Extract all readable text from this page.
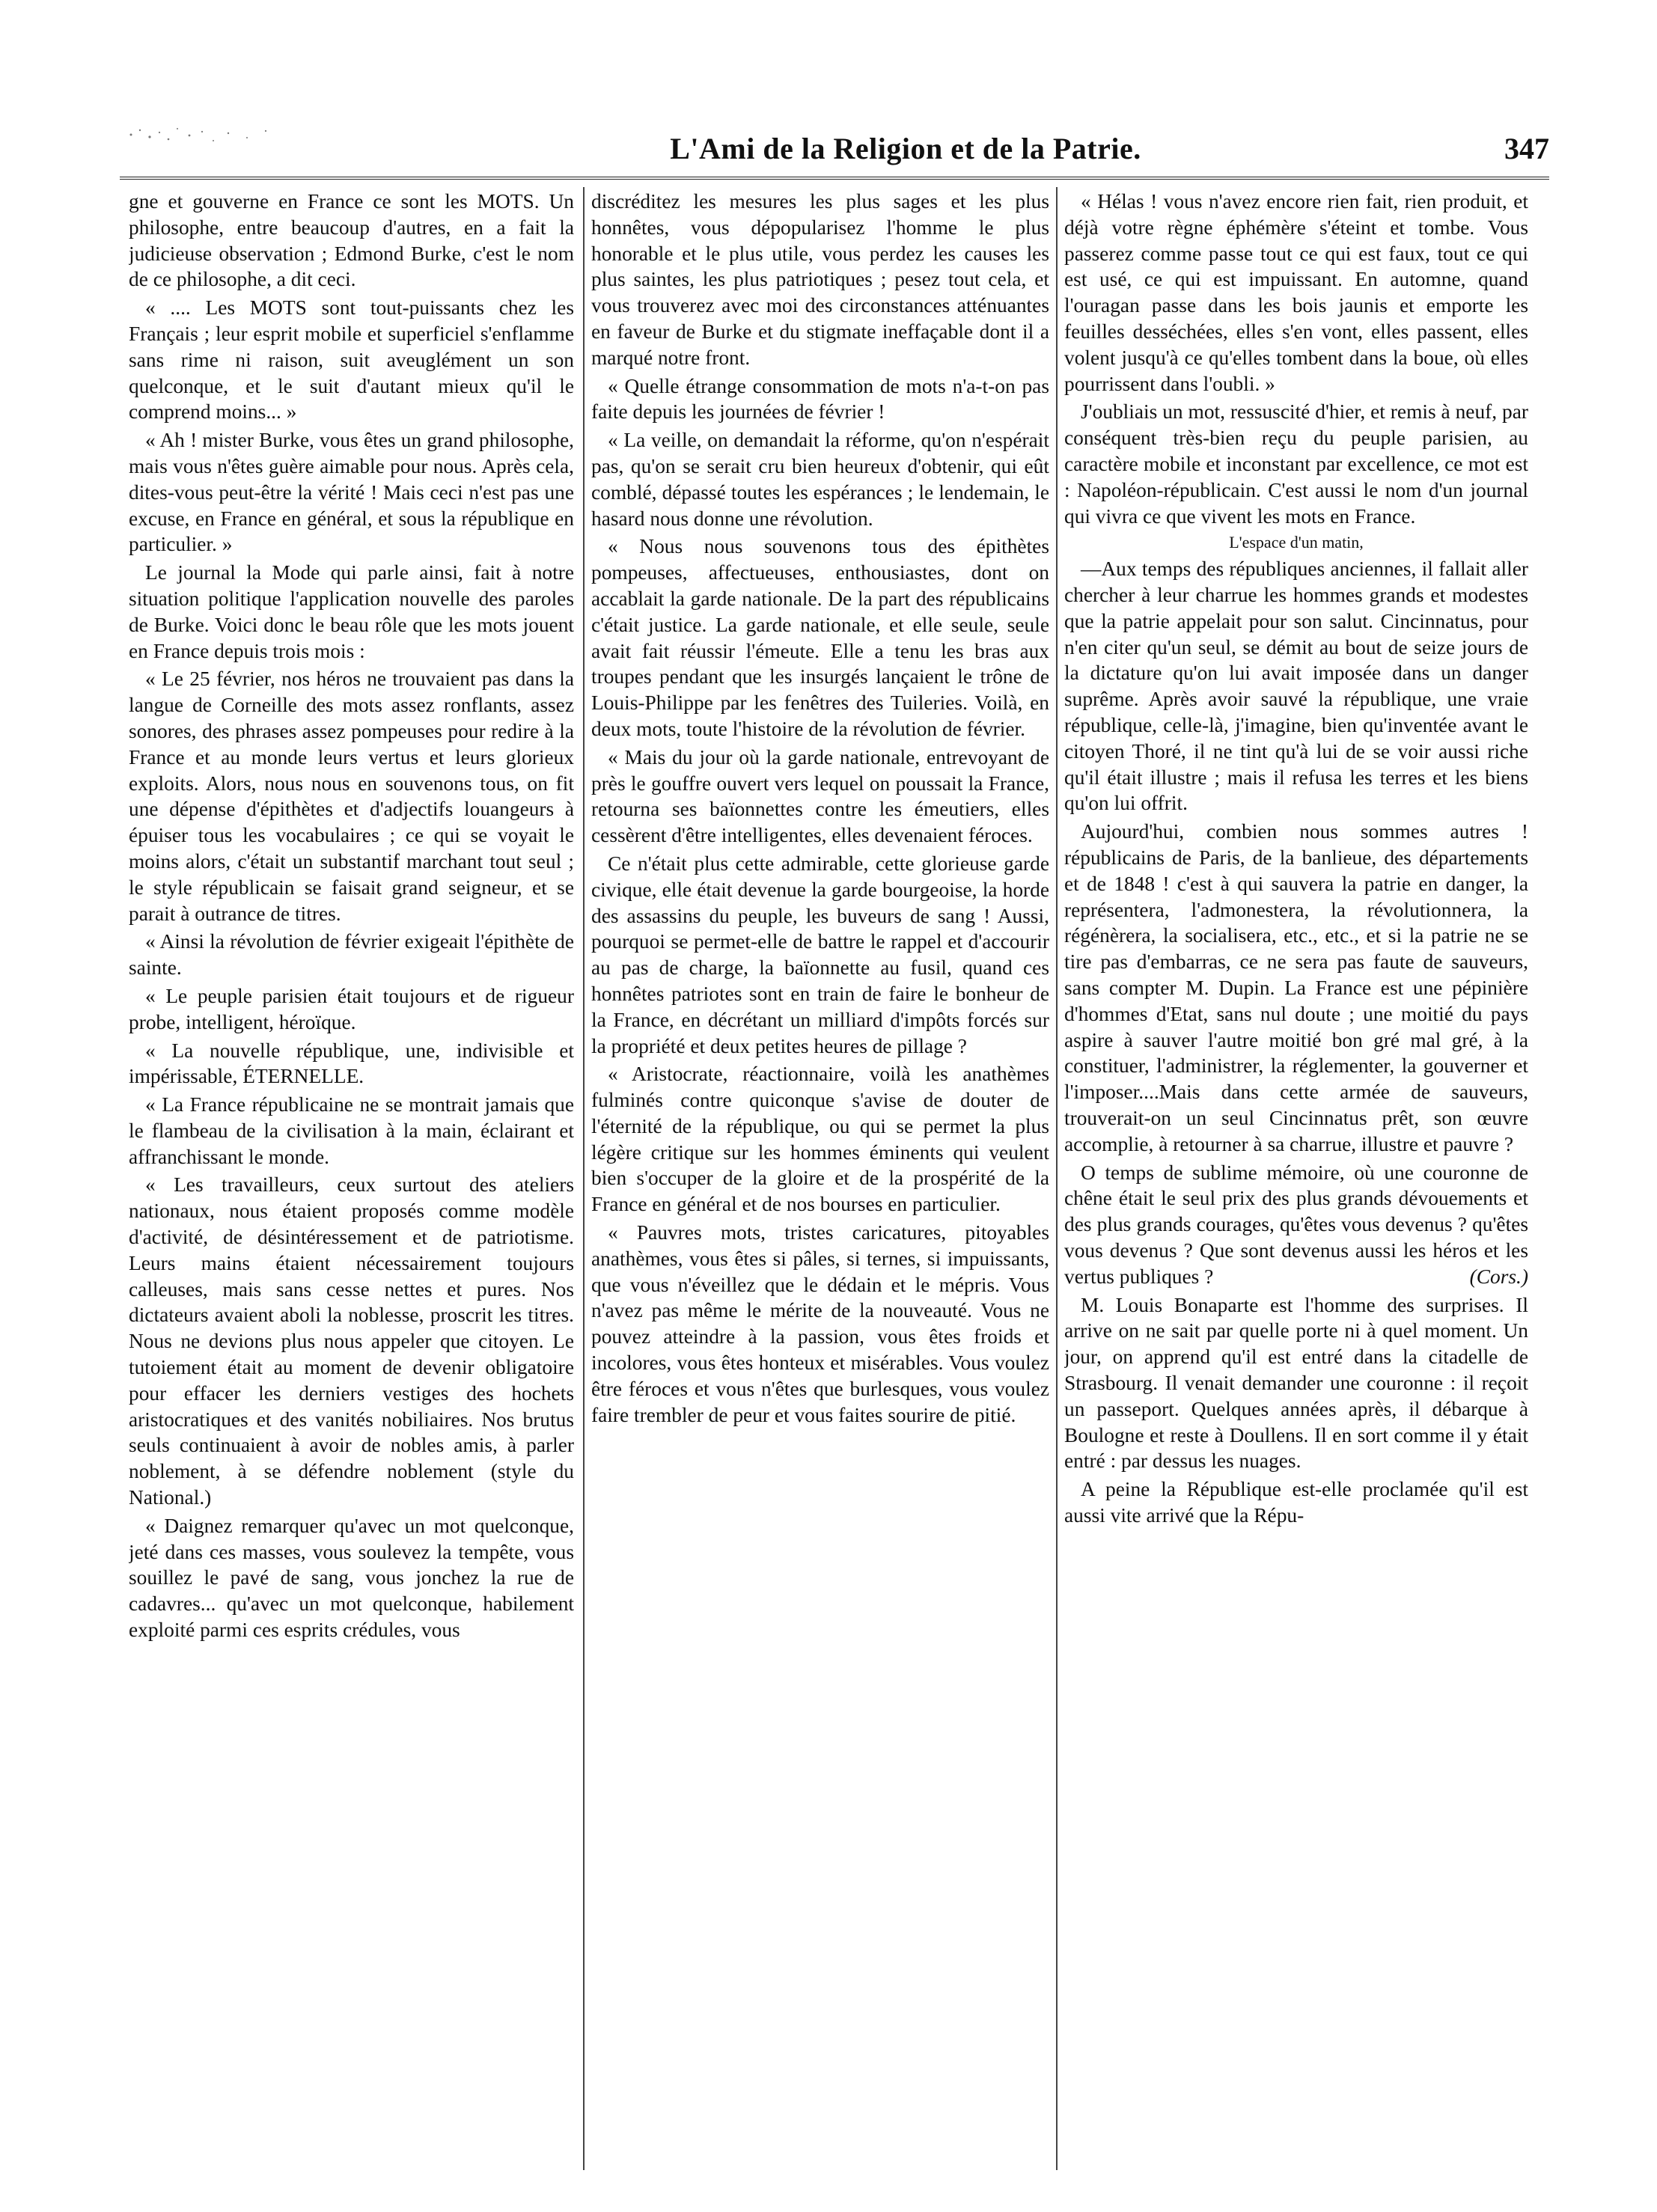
L'Ami de la Religion et de la Patrie.	347

gne et gouverne en France ce sont les MOTS. Un philosophe, entre beaucoup d'autres, en a fait la judicieuse observation ; Edmond Burke, c'est le nom de ce philosophe, a dit ceci.

« .... Les MOTS sont tout-puissants chez les Français ; leur esprit mobile et superficiel s'enflamme sans rime ni raison, suit aveuglément un son quelconque, et le suit d'autant mieux qu'il le comprend moins... »

« Ah ! mister Burke, vous êtes un grand philosophe, mais vous n'êtes guère aimable pour nous. Après cela, dites-vous peut-être la vérité ! Mais ceci n'est pas une excuse, en France en général, et sous la république en particulier. »

Le journal la Mode qui parle ainsi, fait à notre situation politique l'application nouvelle des paroles de Burke. Voici donc le beau rôle que les mots jouent en France depuis trois mois :

« Le 25 février, nos héros ne trouvaient pas dans la langue de Corneille des mots assez ronflants, assez sonores, des phrases assez pompeuses pour redire à la France et au monde leurs vertus et leurs glorieux exploits. Alors, nous nous en souvenons tous, on fit une dépense d'épithètes et d'adjectifs louangeurs à épuiser tous les vocabulaires ; ce qui se voyait le moins alors, c'était un substantif marchant tout seul ; le style républicain se faisait grand seigneur, et se parait à outrance de titres.

« Ainsi la révolution de février exigeait l'épithète de sainte.

« Le peuple parisien était toujours et de rigueur probe, intelligent, héroïque.

« La nouvelle république, une, indivisible et impérissable, ÉTERNELLE.

« La France républicaine ne se montrait jamais que le flambeau de la civilisation à la main, éclairant et affranchissant le monde.

« Les travailleurs, ceux surtout des ateliers nationaux, nous étaient proposés comme modèle d'activité, de désintéressement et de patriotisme. Leurs mains étaient nécessairement toujours calleuses, mais sans cesse nettes et pures. Nos dictateurs avaient aboli la noblesse, proscrit les titres. Nous ne devions plus nous appeler que citoyen. Le tutoiement était au moment de devenir obligatoire pour effacer les derniers vestiges des hochets aristocratiques et des vanités nobiliaires. Nos brutus seuls continuaient à avoir de nobles amis, à parler noblement, à se défendre noblement (style du National.)

« Daignez remarquer qu'avec un mot quelconque, jeté dans ces masses, vous soulevez la tempête, vous souillez le pavé de sang, vous jonchez la rue de cadavres... qu'avec un mot quelconque, habilement exploité parmi ces esprits crédules, vous

discréditez les mesures les plus sages et les plus honnêtes, vous dépopularisez l'homme le plus honorable et le plus utile, vous perdez les causes les plus saintes, les plus patriotiques ; pesez tout cela, et vous trouverez avec moi des circonstances atténuantes en faveur de Burke et du stigmate ineffaçable dont il a marqué notre front.

« Quelle étrange consommation de mots n'a-t-on pas faite depuis les journées de février !

« La veille, on demandait la réforme, qu'on n'espérait pas, qu'on se serait cru bien heureux d'obtenir, qui eût comblé, dépassé toutes les espérances ; le lendemain, le hasard nous donne une révolution.

« Nous nous souvenons tous des épithètes pompeuses, affectueuses, enthousiastes, dont on accablait la garde nationale. De la part des républicains c'était justice. La garde nationale, et elle seule, seule avait fait réussir l'émeute. Elle a tenu les bras aux troupes pendant que les insurgés lançaient le trône de Louis-Philippe par les fenêtres des Tuileries. Voilà, en deux mots, toute l'histoire de la révolution de février.

« Mais du jour où la garde nationale, entrevoyant de près le gouffre ouvert vers lequel on poussait la France, retourna ses baïonnettes contre les émeutiers, elles cessèrent d'être intelligentes, elles devenaient féroces.

Ce n'était plus cette admirable, cette glorieuse garde civique, elle était devenue la garde bourgeoise, la horde des assassins du peuple, les buveurs de sang ! Aussi, pourquoi se permet-elle de battre le rappel et d'accourir au pas de charge, la baïonnette au fusil, quand ces honnêtes patriotes sont en train de faire le bonheur de la France, en décrétant un milliard d'impôts forcés sur la propriété et deux petites heures de pillage ?

« Aristocrate, réactionnaire, voilà les anathèmes fulminés contre quiconque s'avise de douter de l'éternité de la république, ou qui se permet la plus légère critique sur les hommes éminents qui veulent bien s'occuper de la gloire et de la prospérité de la France en général et de nos bourses en particulier.

« Pauvres mots, tristes caricatures, pitoyables anathèmes, vous êtes si pâles, si ternes, si impuissants, que vous n'éveillez que le dédain et le mépris. Vous n'avez pas même le mérite de la nouveauté. Vous ne pouvez atteindre à la passion, vous êtes froids et incolores, vous êtes honteux et misérables. Vous voulez être féroces et vous n'êtes que burlesques, vous voulez faire trembler de peur et vous faites sourire de pitié.

« Hélas ! vous n'avez encore rien fait, rien produit, et déjà votre règne éphémère s'éteint et tombe. Vous passerez comme passe tout ce qui est faux, tout ce qui est usé, ce qui est impuissant. En automne, quand l'ouragan passe dans les bois jaunis et emporte les feuilles desséchées, elles s'en vont, elles passent, elles volent jusqu'à ce qu'elles tombent dans la boue, où elles pourrissent dans l'oubli. »

J'oubliais un mot, ressuscité d'hier, et remis à neuf, par conséquent très-bien reçu du peuple parisien, au caractère mobile et inconstant par excellence, ce mot est : Napoléon-républicain. C'est aussi le nom d'un journal qui vivra ce que vivent les mots en France.

L'espace d'un matin,

—Aux temps des républiques anciennes, il fallait aller chercher à leur charrue les hommes grands et modestes que la patrie appelait pour son salut. Cincinnatus, pour n'en citer qu'un seul, se démit au bout de seize jours de la dictature qu'on lui avait imposée dans un danger suprême. Après avoir sauvé la république, une vraie république, celle-là, j'imagine, bien qu'inventée avant le citoyen Thoré, il ne tint qu'à lui de se voir aussi riche qu'il était illustre ; mais il refusa les terres et les biens qu'on lui offrit.

Aujourd'hui, combien nous sommes autres ! républicains de Paris, de la banlieue, des départements et de 1848 ! c'est à qui sauvera la patrie en danger, la représentera, l'admonestera, la révolutionnera, la régénèrera, la socialisera, etc., etc., et si la patrie ne se tire pas d'embarras, ce ne sera pas faute de sauveurs, sans compter M. Dupin. La France est une pépinière d'hommes d'Etat, sans nul doute ; une moitié du pays aspire à sauver l'autre moitié bon gré mal gré, à la constituer, l'administrer, la réglementer, la gouverner et l'imposer....Mais dans cette armée de sauveurs, trouverait-on un seul Cincinnatus prêt, son œuvre accomplie, à retourner à sa charrue, illustre et pauvre ?

O temps de sublime mémoire, où une couronne de chêne était le seul prix des plus grands dévouements et des plus grands courages, qu'êtes vous devenus ? qu'êtes vous devenus ? Que sont devenus aussi les héros et les vertus publiques ?	(Cors.)

M. Louis Bonaparte est l'homme des surprises. Il arrive on ne sait par quelle porte ni à quel moment. Un jour, on apprend qu'il est entré dans la citadelle de Strasbourg. Il venait demander une couronne : il reçoit un passeport. Quelques années après, il débarque à Boulogne et reste à Doullens. Il en sort comme il y était entré : par dessus les nuages.

A peine la République est-elle proclamée qu'il est aussi vite arrivé que la Répu-
